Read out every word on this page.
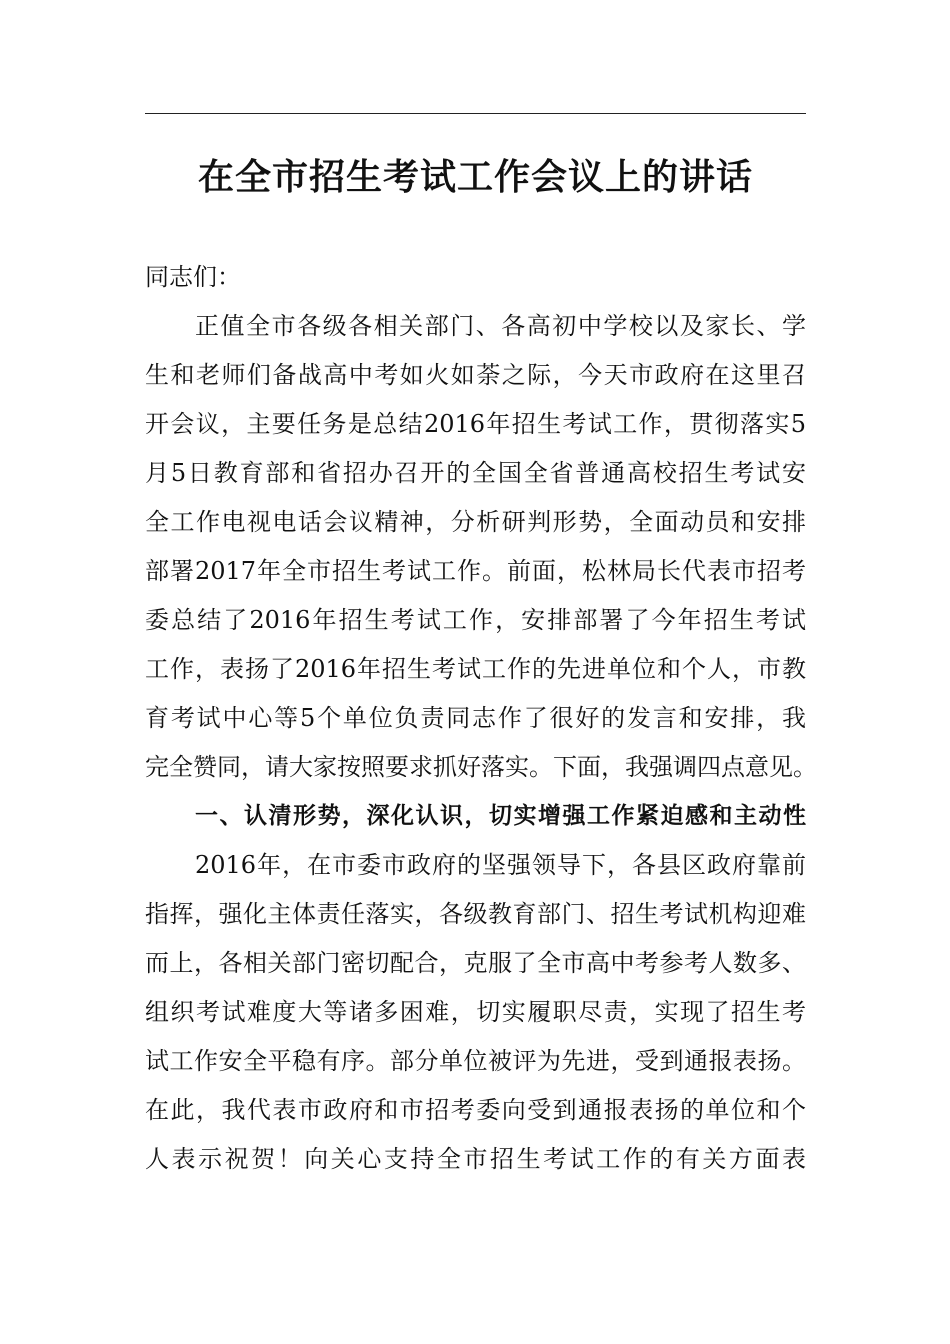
在全市招生考试工作会议上的讲话
同志们：
正值全市各级各相关部门、各高初中学校以及家长、学
生和老师们备战高中考如火如荼之际，今天市政府在这里召
开会议，主要任务是总结2016年招生考试工作，贯彻落实5
月5日教育部和省招办召开的全国全省普通高校招生考试安
全工作电视电话会议精神，分析研判形势，全面动员和安排
部署2017年全市招生考试工作。前面，松林局长代表市招考
委总结了2016年招生考试工作，安排部署了今年招生考试
工作，表扬了2016年招生考试工作的先进单位和个人，市教
育考试中心等5个单位负责同志作了很好的发言和安排，我
完全赞同，请大家按照要求抓好落实。下面，我强调四点意见。
一、认清形势，深化认识，切实增强工作紧迫感和主动性
2016年，在市委市政府的坚强领导下，各县区政府靠前
指挥，强化主体责任落实，各级教育部门、招生考试机构迎难
而上，各相关部门密切配合，克服了全市高中考参考人数多、
组织考试难度大等诸多困难，切实履职尽责，实现了招生考
试工作安全平稳有序。部分单位被评为先进，受到通报表扬。
在此，我代表市政府和市招考委向受到通报表扬的单位和个
人表示祝贺！向关心支持全市招生考试工作的有关方面表
